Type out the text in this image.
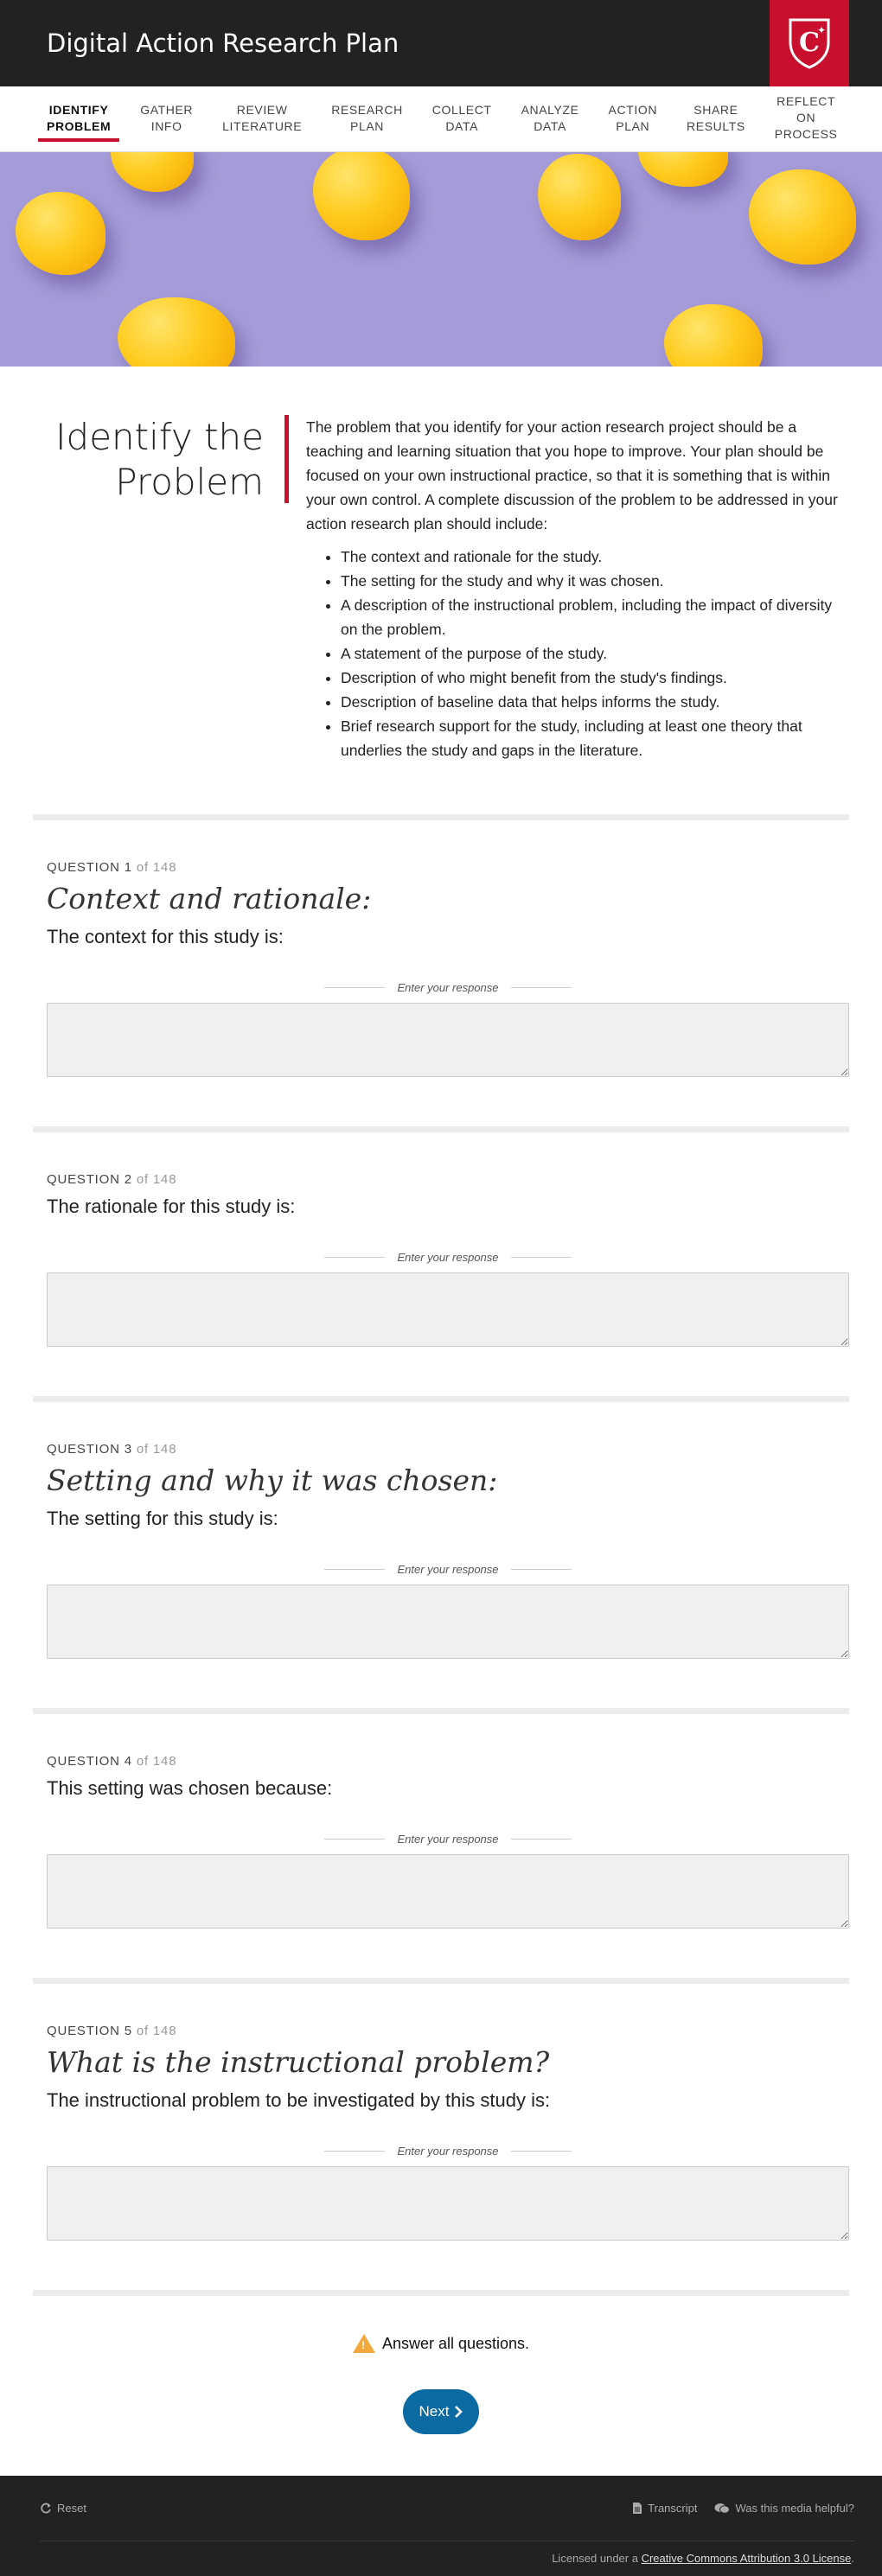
Digital Action Research Plan	C
✦
IDENTIFY
PROBLEM
GATHER
INFO
REVIEW
LITERATURE
RESEARCH
PLAN
COLLECT
DATA
ANALYZE
DATA
ACTION
PLAN
SHARE
RESULTS
REFLECT ON
PROCESS
Identify the
Problem

The problem that you identify for your action research project should be a teaching and learning situation that you hope to improve. Your plan should be focused on your own instructional practice, so that it is something that is within your own control. A complete discussion of the problem to be addressed in your action research plan should include:

• The context and rationale for the study.
• The setting for the study and why it was chosen.
• A description of the instructional problem, including the impact of diversity on the problem.
• A statement of the purpose of the study.
• Description of who might benefit from the study's findings.
• Description of baseline data that helps informs the study.
• Brief research support for the study, including at least one theory that underlies the study and gaps in the literature.
QUESTION 1 of 148
Context and rationale:
The context for this study is:
Enter your response
QUESTION 2 of 148
The rationale for this study is:
Enter your response
QUESTION 3 of 148
Setting and why it was chosen:
The setting for this study is:
Enter your response
QUESTION 4 of 148
This setting was chosen because:
Enter your response
QUESTION 5 of 148
What is the instructional problem?
The instructional problem to be investigated by this study is:
Enter your response
! Answer all questions.
Next
Reset	Transcript	Was this media helpful?
Licensed under a Creative Commons Attribution 3.0 License.
